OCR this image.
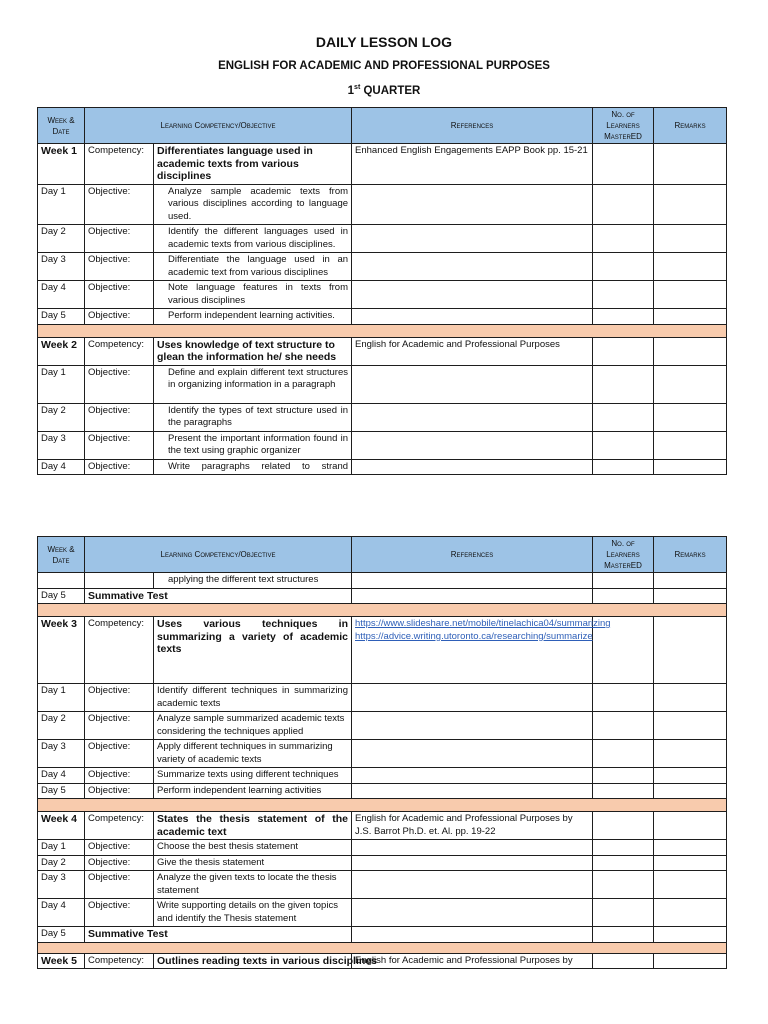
DAILY LESSON LOG
ENGLISH FOR ACADEMIC AND PROFESSIONAL PURPOSES
1st QUARTER
Week & Date	Learning Competency/Objective		References	No. of Learners MasterED	Remarks
Week 1	Competency:	Differentiates language used in academic texts from various disciplines	Enhanced English Engagements EAPP Book pp. 15-21		
Day 1	Objective:	Analyze sample academic texts from various disciplines according to language used.			
Day 2	Objective:	Identify the different languages used in academic texts from various disciplines.			
Day 3	Objective:	Differentiate the language used in an academic text from various disciplines			
Day 4	Objective:	Note language features in texts from various disciplines			
Day 5	Objective:	Perform independent learning activities.			

Week 2	Competency:	Uses knowledge of text structure to glean the information he/ she needs	English for Academic and Professional Purposes		
Day 1	Objective:	Define and explain different text structures in organizing information in a paragraph			
Day 2	Objective:	Identify the types of text structure used in the paragraphs			
Day 3	Objective:	Present the important information found in the text using graphic organizer			
Day 4	Objective:	Write paragraphs related to strand			
Week & Date	Learning Competency/Objective		References	No. of Learners MasterED	Remarks
		applying the different text structures			
Day 5	Summative Test				

Week 3	Competency:	Uses various techniques in summarizing a variety of academic texts	https://www.slideshare.net/mobile/tinelachica04/summarizing
https://advice.writing.utoronto.ca/researching/summarize		

Day 1	Objective:	Identify different techniques in summarizing academic texts			
Day 2	Objective:	Analyze sample summarized academic texts considering the techniques applied			
Day 3	Objective:	Apply different techniques in summarizing variety of academic texts			
Day 4	Objective:	Summarize texts using different techniques			
Day 5	Objective:	Perform independent learning activities			

Week 4	Competency:	States the thesis statement of the academic text	English for Academic and Professional Purposes by J.S. Barrot Ph.D. et. Al. pp. 19-22		
Day 1	Objective:	Choose the best thesis statement			
Day 2	Objective:	Give the thesis statement			
Day 3	Objective:	Analyze the given texts to locate the thesis statement			
Day 4	Objective:	Write supporting details on the given topics and identify the Thesis statement			
Day 5	Summative Test				

Week 5	Competency:	Outlines reading texts in various disciplines	English for Academic and Professional Purposes by		
